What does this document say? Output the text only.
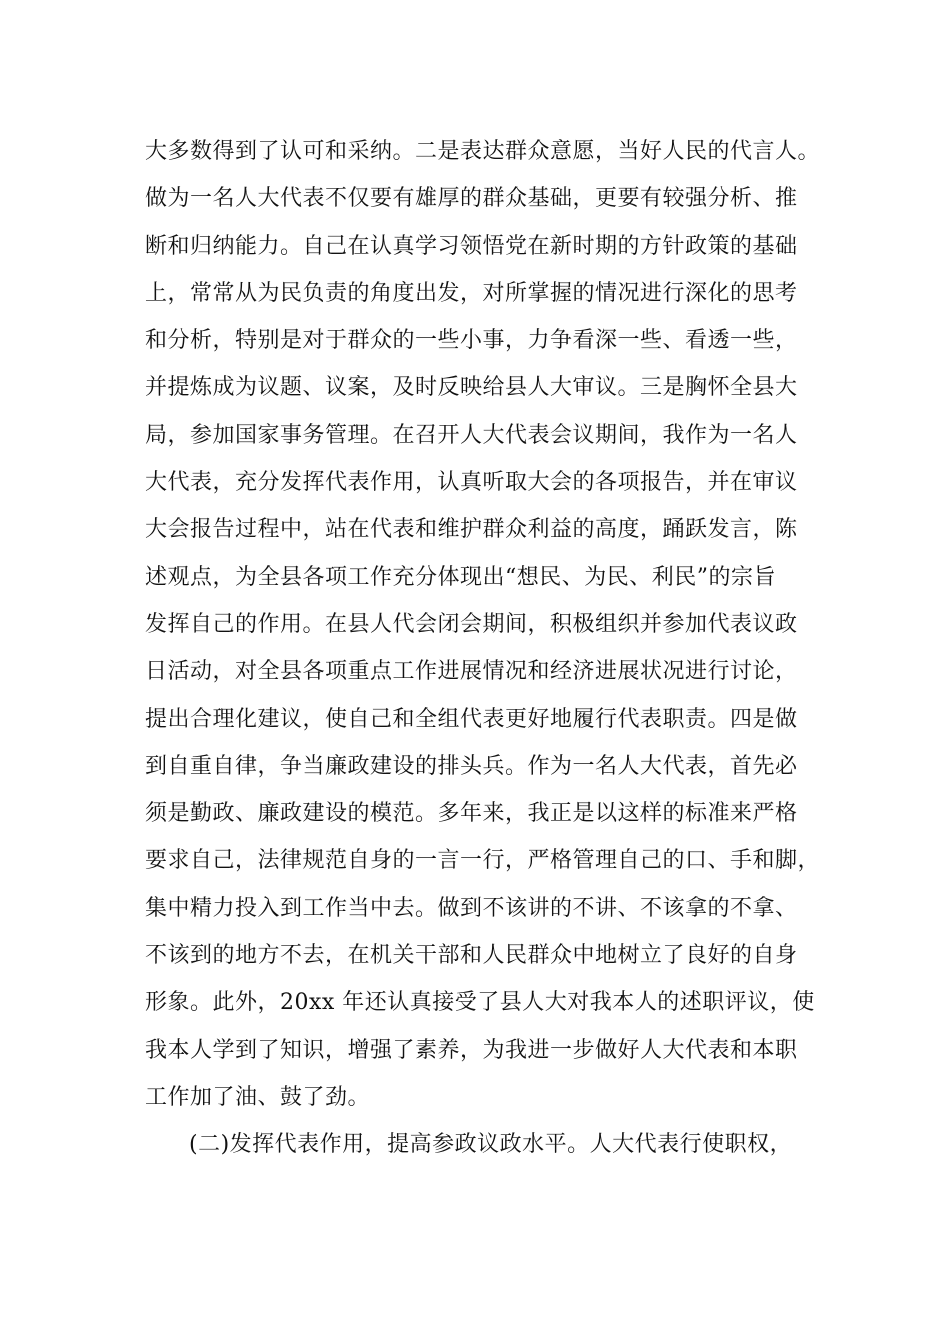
大多数得到了认可和采纳。二是表达群众意愿，当好人民的代言人。
做为一名人大代表不仅要有雄厚的群众基础，更要有较强分析、推
断和归纳能力。自己在认真学习领悟党在新时期的方针政策的基础
上，常常从为民负责的角度出发，对所掌握的情况进行深化的思考
和分析，特别是对于群众的一些小事，力争看深一些、看透一些，
并提炼成为议题、议案，及时反映给县人大审议。三是胸怀全县大
局，参加国家事务管理。在召开人大代表会议期间，我作为一名人
大代表，充分发挥代表作用，认真听取大会的各项报告，并在审议
大会报告过程中，站在代表和维护群众利益的高度，踊跃发言，陈
述观点，为全县各项工作充分体现出“想民、为民、利民”的宗旨
发挥自己的作用。在县人代会闭会期间，积极组织并参加代表议政
日活动，对全县各项重点工作进展情况和经济进展状况进行讨论，
提出合理化建议，使自己和全组代表更好地履行代表职责。四是做
到自重自律，争当廉政建设的排头兵。作为一名人大代表，首先必
须是勤政、廉政建设的模范。多年来，我正是以这样的标准来严格
要求自己，法律规范自身的一言一行，严格管理自己的口、手和脚，
集中精力投入到工作当中去。做到不该讲的不讲、不该拿的不拿、
不该到的地方不去，在机关干部和人民群众中地树立了良好的自身
形象。此外，20xx 年还认真接受了县人大对我本人的述职评议，使
我本人学到了知识，增强了素养，为我进一步做好人大代表和本职
工作加了油、鼓了劲。
(二)发挥代表作用，提高参政议政水平。人大代表行使职权，
